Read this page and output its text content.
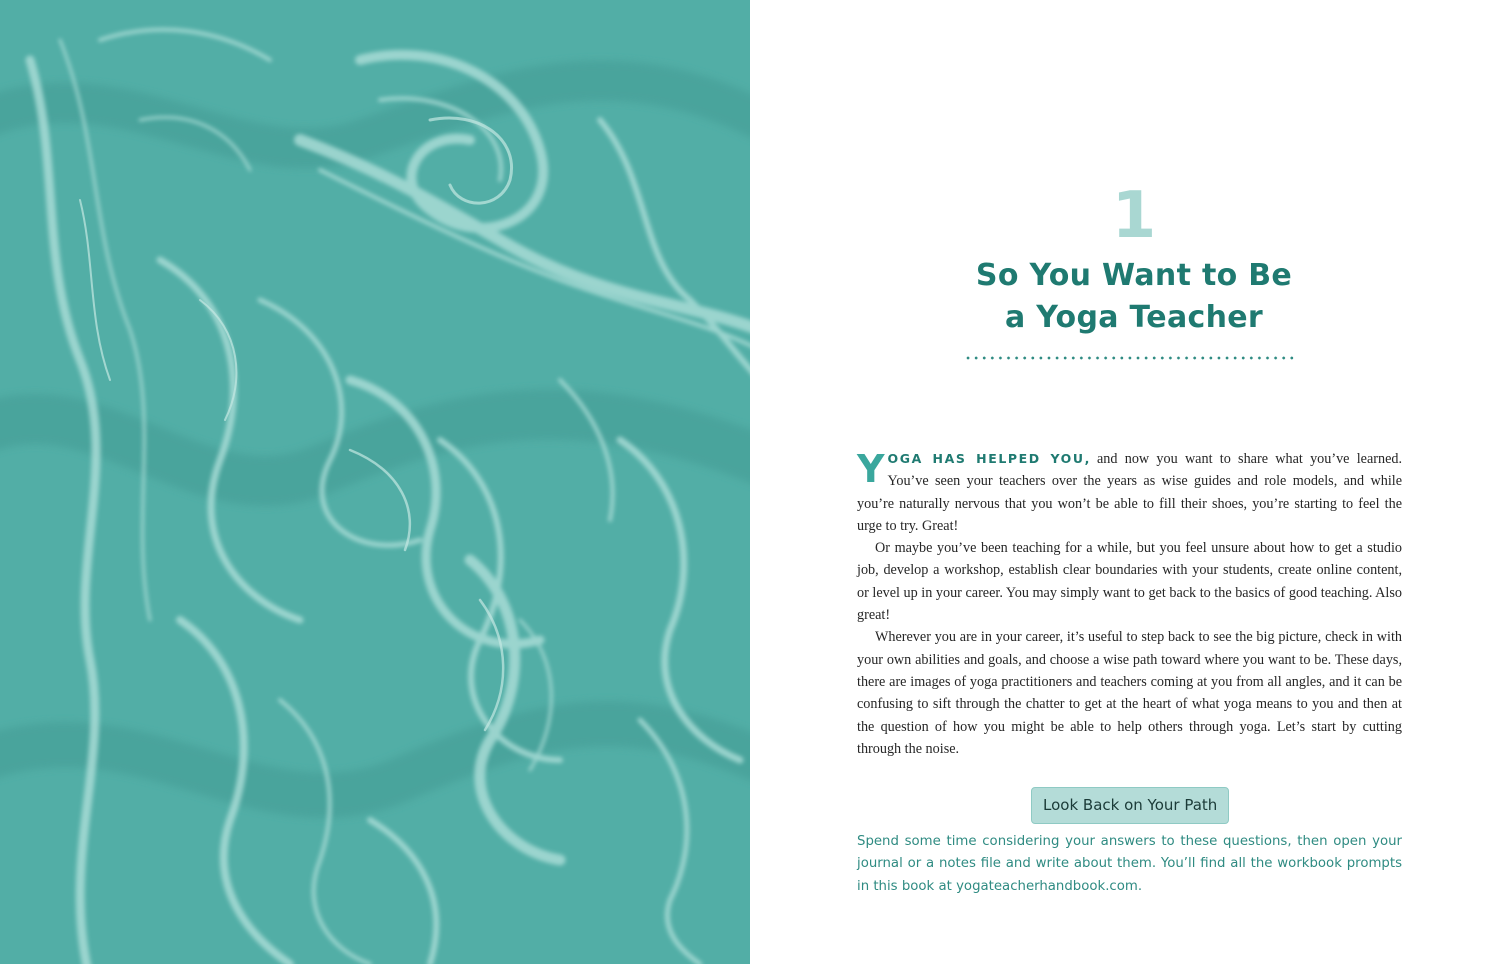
1
So You Want to Be
a Yoga Teacher

YOGA HAS HELPED YOU, and now you want to share what you’ve learned. You’ve seen your teachers over the years as wise guides and role models, and while you’re naturally nervous that you won’t be able to fill their shoes, you’re starting to feel the urge to try. Great!

Or maybe you’ve been teaching for a while, but you feel unsure about how to get a studio job, develop a workshop, establish clear boundaries with your students, create online content, or level up in your career. You may simply want to get back to the basics of good teaching. Also great!

Wherever you are in your career, it’s useful to step back to see the big picture, check in with your own abilities and goals, and choose a wise path toward where you want to be. These days, there are images of yoga practitioners and teachers coming at you from all angles, and it can be confusing to sift through the chatter to get at the heart of what yoga means to you and then at the question of how you might be able to help others through yoga. Let’s start by cutting through the noise.

Look Back on Your Path
Spend some time considering your answers to these questions, then open your journal or a notes file and write about them. You’ll find all the workbook prompts in this book at yogateacherhandbook.com.
